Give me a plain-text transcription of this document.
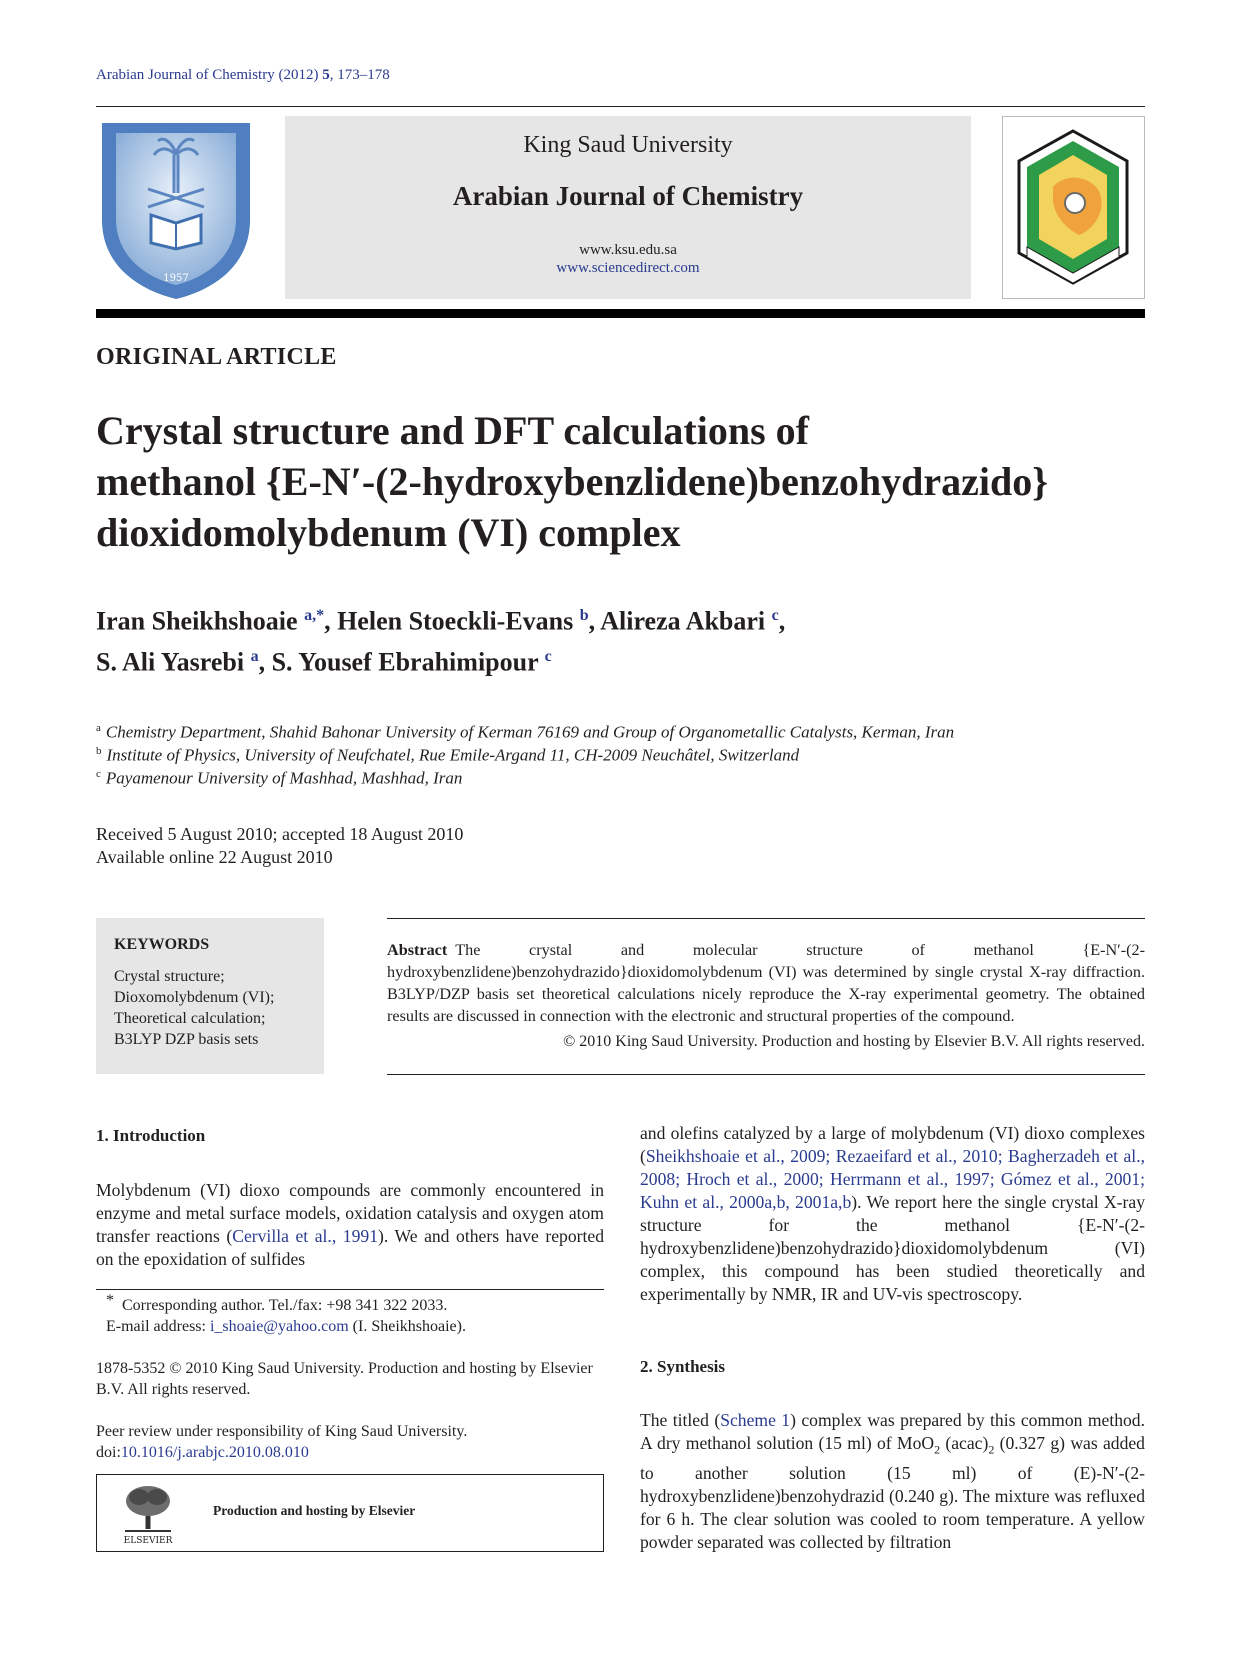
Arabian Journal of Chemistry (2012) 5, 173–178
1957
King Saud University
Arabian Journal of Chemistry
www.ksu.edu.sa
www.sciencedirect.com
ORIGINAL ARTICLE
Crystal structure and DFT calculations of
methanol {E-N′-(2-hydroxybenzlidene)benzohydrazido}
dioxidomolybdenum (VI) complex
Iran Sheikhshoaie $^{a,*}$, Helen Stoeckli-Evans $^b$, Alireza Akbari $^c$,
S. Ali Yasrebi $^a$, S. Yousef Ebrahimipour $^c$
$^a$ Chemistry Department, Shahid Bahonar University of Kerman 76169 and Group of Organometallic Catalysts, Kerman, Iran
$^b$ Institute of Physics, University of Neufchatel, Rue Emile-Argand 11, CH-2009 Neuchâtel, Switzerland
$^c$ Payamenour University of Mashhad, Mashhad, Iran
Received 5 August 2010; accepted 18 August 2010
Available online 22 August 2010
KEYWORDS
Crystal structure;
Dioxomolybdenum (VI);
Theoretical calculation;
B3LYP DZP basis sets
Abstract The crystal and molecular structure of methanol {E-N′-(2-hydroxybenzlidene)benzohydrazido}dioxidomolybdenum (VI) was determined by single crystal X-ray diffraction. B3LYP/DZP basis set theoretical calculations nicely reproduce the X-ray experimental geometry. The obtained results are discussed in connection with the electronic and structural properties of the compound.
© 2010 King Saud University. Production and hosting by Elsevier B.V. All rights reserved.
1. Introduction
Molybdenum (VI) dioxo compounds are commonly encountered in enzyme and metal surface models, oxidation catalysis and oxygen atom transfer reactions (Cervilla et al., 1991). We and others have reported on the epoxidation of sulfides
* Corresponding author. Tel./fax: +98 341 322 2033.
E-mail address: i_shoaie@yahoo.com (I. Sheikhshoaie).
1878-5352 © 2010 King Saud University. Production and hosting by Elsevier B.V. All rights reserved.
Peer review under responsibility of King Saud University.
doi:10.1016/j.arabjc.2010.08.010
ELSEVIER
Production and hosting by Elsevier
and olefins catalyzed by a large of molybdenum (VI) dioxo complexes (Sheikhshoaie et al., 2009; Rezaeifard et al., 2010; Bagherzadeh et al., 2008; Hroch et al., 2000; Herrmann et al., 1997; Gómez et al., 2001; Kuhn et al., 2000a,b, 2001a,b). We report here the single crystal X-ray structure for the methanol {E-N′-(2- hydroxybenzlidene)benzohydrazido}dioxidomolybdenum (VI) complex, this compound has been studied theoretically and experimentally by NMR, IR and UV-vis spectroscopy.
2. Synthesis
The titled (Scheme 1) complex was prepared by this common method. A dry methanol solution (15 ml) of MoO$_2$ $(acac)_2$ (0.327 g) was added to another solution (15 ml) of (E)-N′-(2-hydroxybenzlidene)benzohydrazid (0.240 g). The mixture was refluxed for 6 h. The clear solution was cooled to room temperature. A yellow powder separated was collected by filtration
